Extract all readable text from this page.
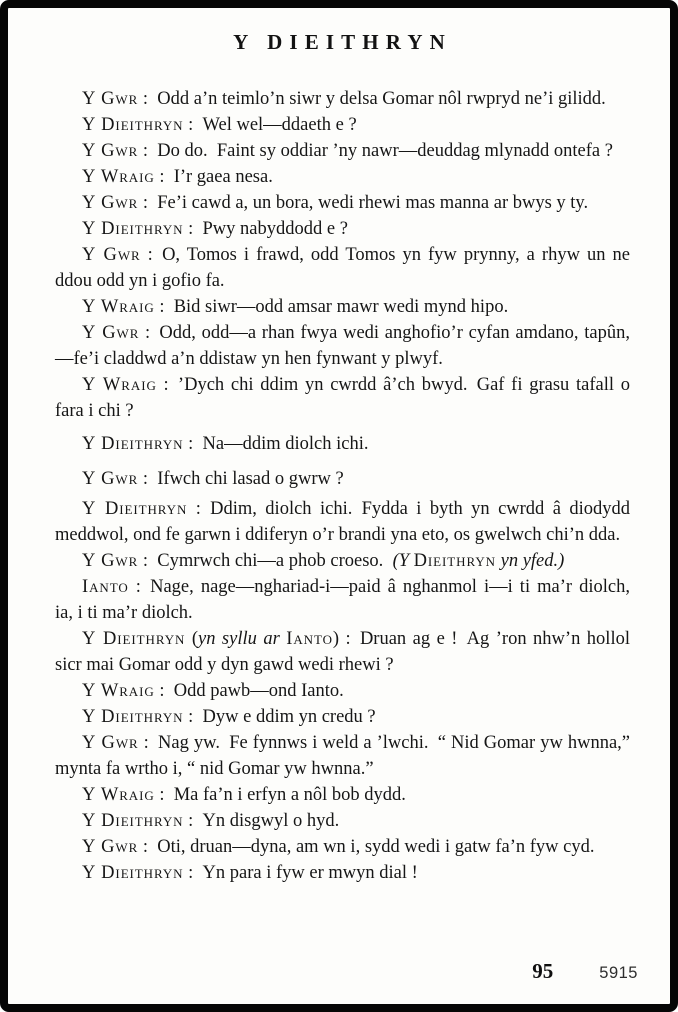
Y DIEITHRYN

Y Gwr : Odd a’n teimlo’n siwr y delsa Gomar nôl rwpryd ne’i gilidd.

Y Dieithryn : Wel wel—ddaeth e ?

Y Gwr : Do do. Faint sy oddiar ’ny nawr—deuddag mlynadd ontefa ?

Y Wraig : I’r gaea nesa.

Y Gwr : Fe’i cawd a, un bora, wedi rhewi mas manna ar bwys y ty.

Y Dieithryn : Pwy nabyddodd e ?

Y Gwr : O, Tomos i frawd, odd Tomos yn fyw prynny, a rhyw un ne ddou odd yn i gofio fa.

Y Wraig : Bid siwr—odd amsar mawr wedi mynd hipo.

Y Gwr : Odd, odd—a rhan fwya wedi anghofio’r cyfan amdano, tapûn,—fe’i claddwd a’n ddistaw yn hen fynwant y plwyf.

Y Wraig : ’Dych chi ddim yn cwrdd â’ch bwyd. Gaf fi grasu tafall o fara i chi ?

Y Dieithryn : Na—ddim diolch ichi.

Y Gwr : Ifwch chi lasad o gwrw ?

Y Dieithryn : Ddim, diolch ichi. Fydda i byth yn cwrdd â diodydd meddwol, ond fe garwn i ddiferyn o’r brandi yna eto, os gwelwch chi’n dda.

Y Gwr : Cymrwch chi—a phob croeso. (Y Dieithryn yn yfed.)

Ianto : Nage, nage—nghariad-i—paid â nghanmol i—i ti ma’r diolch, ia, i ti ma’r diolch.

Y Dieithryn (yn syllu ar Ianto) : Druan ag e ! Ag ’ron nhw’n hollol sicr mai Gomar odd y dyn gawd wedi rhewi ?

Y Wraig : Odd pawb—ond Ianto.

Y Dieithryn : Dyw e ddim yn credu ?

Y Gwr : Nag yw. Fe fynnws i weld a ’lwchi. “ Nid Gomar yw hwnna,” mynta fa wrtho i, “ nid Gomar yw hwnna.”

Y Wraig : Ma fa’n i erfyn a nôl bob dydd.

Y Dieithryn : Yn disgwyl o hyd.

Y Gwr : Oti, druan—dyna, am wn i, sydd wedi i gatw fa’n fyw cyd.

Y Dieithryn : Yn para i fyw er mwyn dial !

95	5915
